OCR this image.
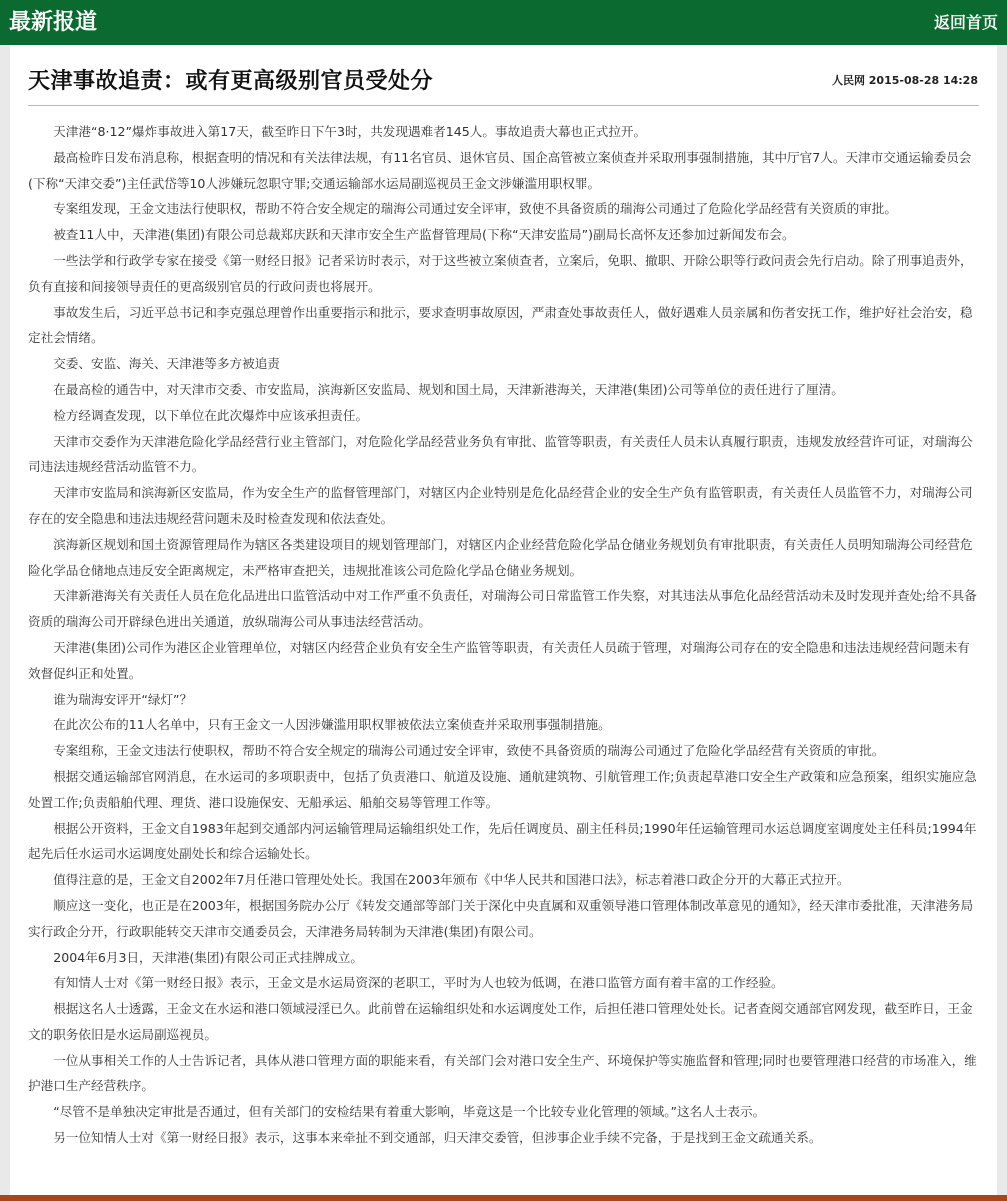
最新报道	返回首页
天津事故追责：或有更高级别官员受处分	人民网 2015-08-28 14:28

天津港“8·12”爆炸事故进入第17天，截至昨日下午3时，共发现遇难者145人。事故追责大幕也正式拉开。

最高检昨日发布消息称，根据查明的情况和有关法律法规，有11名官员、退休官员、国企高管被立案侦查并采取刑事强制措施，其中厅官7人。天津市交通运输委员会(下称“天津交委”)主任武岱等10人涉嫌玩忽职守罪;交通运输部水运局副巡视员王金文涉嫌滥用职权罪。

专案组发现，王金文违法行使职权，帮助不符合安全规定的瑞海公司通过安全评审，致使不具备资质的瑞海公司通过了危险化学品经营有关资质的审批。

被查11人中，天津港(集团)有限公司总裁郑庆跃和天津市安全生产监督管理局(下称“天津安监局”)副局长高怀友还参加过新闻发布会。

一些法学和行政学专家在接受《第一财经日报》记者采访时表示，对于这些被立案侦查者，立案后，免职、撤职、开除公职等行政问责会先行启动。除了刑事追责外，负有直接和间接领导责任的更高级别官员的行政问责也将展开。

事故发生后，习近平总书记和李克强总理曾作出重要指示和批示，要求查明事故原因，严肃查处事故责任人，做好遇难人员亲属和伤者安抚工作，维护好社会治安，稳定社会情绪。

交委、安监、海关、天津港等多方被追责

在最高检的通告中，对天津市交委、市安监局，滨海新区安监局、规划和国土局，天津新港海关，天津港(集团)公司等单位的责任进行了厘清。

检方经调查发现，以下单位在此次爆炸中应该承担责任。

天津市交委作为天津港危险化学品经营行业主管部门，对危险化学品经营业务负有审批、监管等职责，有关责任人员未认真履行职责，违规发放经营许可证，对瑞海公司违法违规经营活动监管不力。

天津市安监局和滨海新区安监局，作为安全生产的监督管理部门，对辖区内企业特别是危化品经营企业的安全生产负有监管职责，有关责任人员监管不力，对瑞海公司存在的安全隐患和违法违规经营问题未及时检查发现和依法查处。

滨海新区规划和国土资源管理局作为辖区各类建设项目的规划管理部门，对辖区内企业经营危险化学品仓储业务规划负有审批职责，有关责任人员明知瑞海公司经营危险化学品仓储地点违反安全距离规定，未严格审查把关，违规批准该公司危险化学品仓储业务规划。

天津新港海关有关责任人员在危化品进出口监管活动中对工作严重不负责任，对瑞海公司日常监管工作失察，对其违法从事危化品经营活动未及时发现并查处;给不具备资质的瑞海公司开辟绿色进出关通道，放纵瑞海公司从事违法经营活动。

天津港(集团)公司作为港区企业管理单位，对辖区内经营企业负有安全生产监管等职责，有关责任人员疏于管理，对瑞海公司存在的安全隐患和违法违规经营问题未有效督促纠正和处置。

谁为瑞海安评开“绿灯”？

在此次公布的11人名单中，只有王金文一人因涉嫌滥用职权罪被依法立案侦查并采取刑事强制措施。

专案组称，王金文违法行使职权，帮助不符合安全规定的瑞海公司通过安全评审，致使不具备资质的瑞海公司通过了危险化学品经营有关资质的审批。

根据交通运输部官网消息，在水运司的多项职责中，包括了负责港口、航道及设施、通航建筑物、引航管理工作;负责起草港口安全生产政策和应急预案，组织实施应急处置工作;负责船舶代理、理货、港口设施保安、无船承运、船舶交易等管理工作等。

根据公开资料，王金文自1983年起到交通部内河运输管理局运输组织处工作，先后任调度员、副主任科员;1990年任运输管理司水运总调度室调度处主任科员;1994年起先后任水运司水运调度处副处长和综合运输处长。

值得注意的是，王金文自2002年7月任港口管理处处长。我国在2003年颁布《中华人民共和国港口法》，标志着港口政企分开的大幕正式拉开。

顺应这一变化，也正是在2003年，根据国务院办公厅《转发交通部等部门关于深化中央直属和双重领导港口管理体制改革意见的通知》，经天津市委批准，天津港务局实行政企分开，行政职能转交天津市交通委员会，天津港务局转制为天津港(集团)有限公司。

2004年6月3日，天津港(集团)有限公司正式挂牌成立。

有知情人士对《第一财经日报》表示，王金文是水运局资深的老职工，平时为人也较为低调，在港口监管方面有着丰富的工作经验。

根据这名人士透露，王金文在水运和港口领域浸淫已久。此前曾在运输组织处和水运调度处工作，后担任港口管理处处长。记者查阅交通部官网发现，截至昨日，王金文的职务依旧是水运局副巡视员。

一位从事相关工作的人士告诉记者，具体从港口管理方面的职能来看，有关部门会对港口安全生产、环境保护等实施监督和管理;同时也要管理港口经营的市场准入，维护港口生产经营秩序。

“尽管不是单独决定审批是否通过，但有关部门的安检结果有着重大影响，毕竟这是一个比较专业化管理的领域。”这名人士表示。

另一位知情人士对《第一财经日报》表示，这事本来牵扯不到交通部，归天津交委管，但涉事企业手续不完备，于是找到王金文疏通关系。
